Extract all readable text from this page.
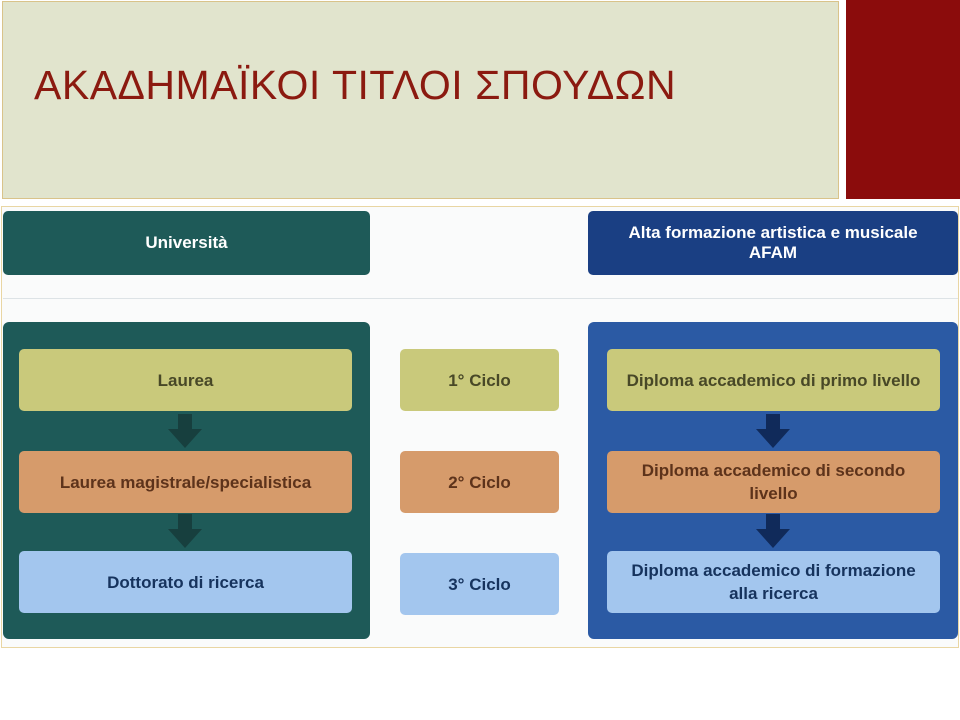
ΑΚΑΔΗΜΑΪΚΟΙ ΤΙΤΛΟΙ ΣΠΟΥΔΩΝ
Università
Alta formazione artistica e musicale
AFAM
Laurea
Laurea magistrale/specialistica
Dottorato di ricerca
1° Ciclo
2° Ciclo
3° Ciclo
Diploma accademico di primo livello
Diploma accademico di secondo livello
Diploma accademico di formazione alla ricerca
